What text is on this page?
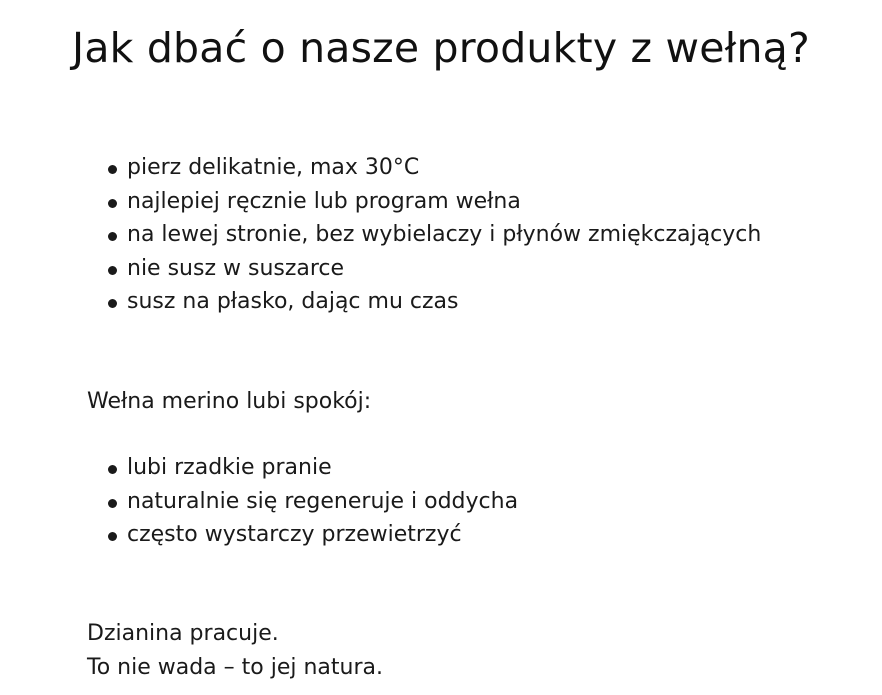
Jak dbać o nasze produkty z wełną?
pierz delikatnie, max 30°C
najlepiej ręcznie lub program wełna
na lewej stronie, bez wybielaczy i płynów zmiękczających
nie susz w suszarce
susz na płasko, dając mu czas

Wełna merino lubi spokój:

lubi rzadkie pranie
naturalnie się regeneruje i oddycha
często wystarczy przewietrzyć

Dzianina pracuje.
To nie wada – to jej natura.
